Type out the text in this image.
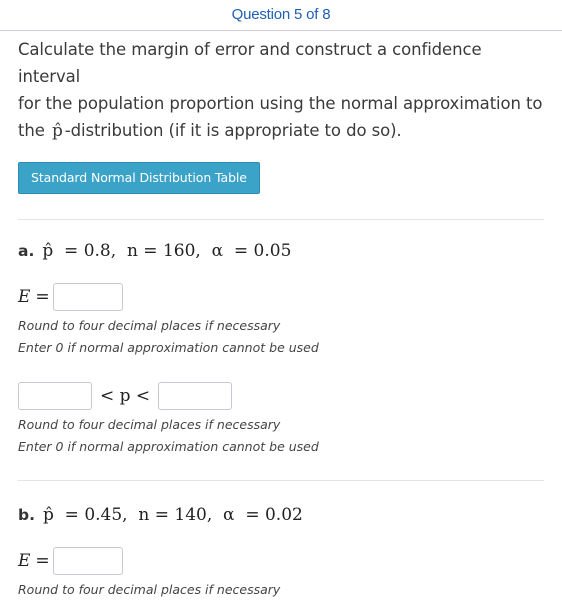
Question 5 of 8
Calculate the margin of error and construct a confidence interval
for the population proportion using the normal approximation to
the p̂ -distribution (if it is appropriate to do so).
Standard Normal Distribution Table
a. p̂  = 0.8,  n = 160,  α  = 0.05
E =
Round to four decimal places if necessary
Enter 0 if normal approximation cannot be used
< p <
Round to four decimal places if necessary
Enter 0 if normal approximation cannot be used
b. p̂  = 0.45,  n = 140,  α  = 0.02
E =
Round to four decimal places if necessary
